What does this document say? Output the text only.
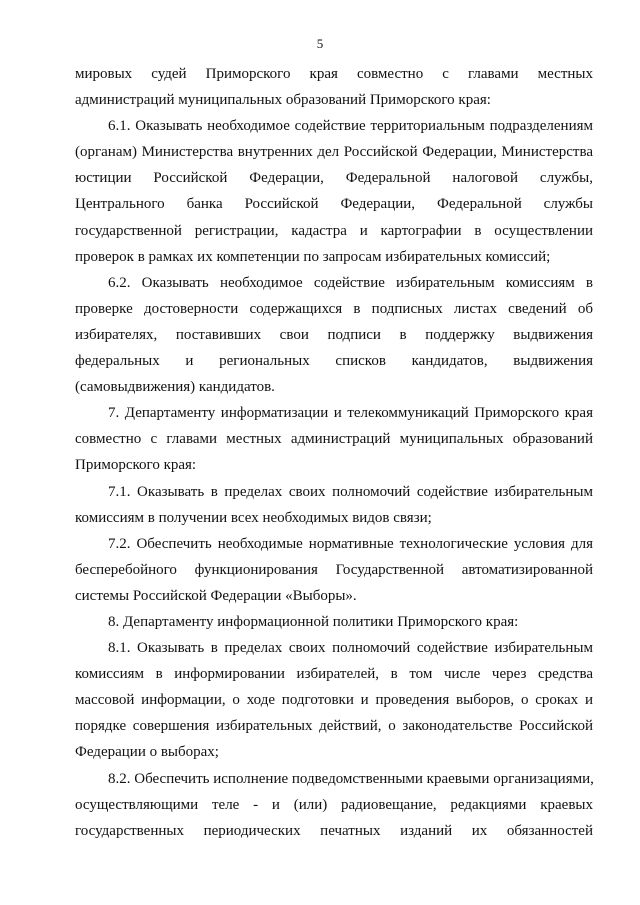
5

мировых судей Приморского края совместно с главами местных
администраций муниципальных образований Приморского края:

6.1. Оказывать необходимое содействие территориальным подразделениям
(органам) Министерства внутренних дел Российской Федерации, Министерства
юстиции Российской Федерации, Федеральной налоговой службы,
Центрального банка Российской Федерации, Федеральной службы
государственной регистрации, кадастра и картографии в осуществлении
проверок в рамках их компетенции по запросам избирательных комиссий;

6.2. Оказывать необходимое содействие избирательным комиссиям в
проверке достоверности содержащихся в подписных листах сведений об
избирателях, поставивших свои подписи в поддержку выдвижения
федеральных и региональных списков кандидатов, выдвижения
(самовыдвижения) кандидатов.

7. Департаменту информатизации и телекоммуникаций Приморского края
совместно с главами местных администраций муниципальных образований
Приморского края:

7.1. Оказывать в пределах своих полномочий содействие избирательным
комиссиям в получении всех необходимых видов связи;

7.2. Обеспечить необходимые нормативные технологические условия для
бесперебойного функционирования Государственной автоматизированной
системы Российской Федерации «Выборы».

8. Департаменту информационной политики Приморского края:

8.1. Оказывать в пределах своих полномочий содействие избирательным
комиссиям в информировании избирателей, в том числе через средства
массовой информации, о ходе подготовки и проведения выборов, о сроках и
порядке совершения избирательных действий, о законодательстве Российской
Федерации о выборах;

8.2. Обеспечить исполнение подведомственными краевыми организациями,
осуществляющими теле - и (или) радиовещание, редакциями краевых
государственных периодических печатных изданий их обязанностей
